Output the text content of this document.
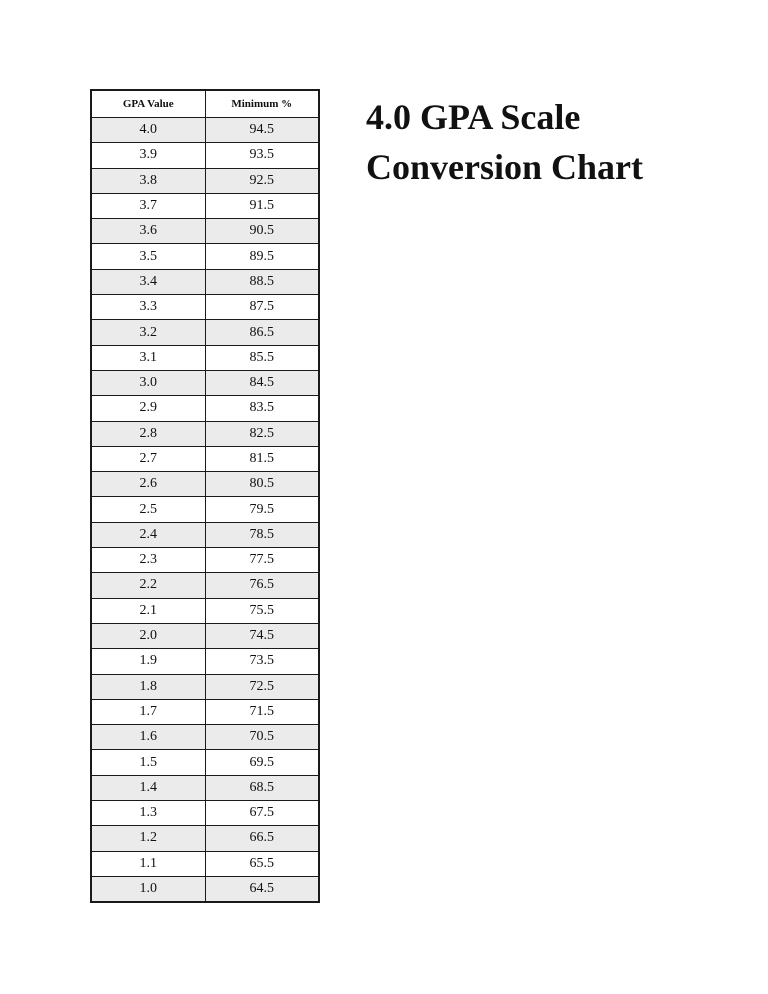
GPA Value	Minimum %
4.0	94.5
3.9	93.5
3.8	92.5
3.7	91.5
3.6	90.5
3.5	89.5
3.4	88.5
3.3	87.5
3.2	86.5
3.1	85.5
3.0	84.5
2.9	83.5
2.8	82.5
2.7	81.5
2.6	80.5
2.5	79.5
2.4	78.5
2.3	77.5
2.2	76.5
2.1	75.5
2.0	74.5
1.9	73.5
1.8	72.5
1.7	71.5
1.6	70.5
1.5	69.5
1.4	68.5
1.3	67.5
1.2	66.5
1.1	65.5
1.0	64.5
4.0 GPA Scale
Conversion Chart
